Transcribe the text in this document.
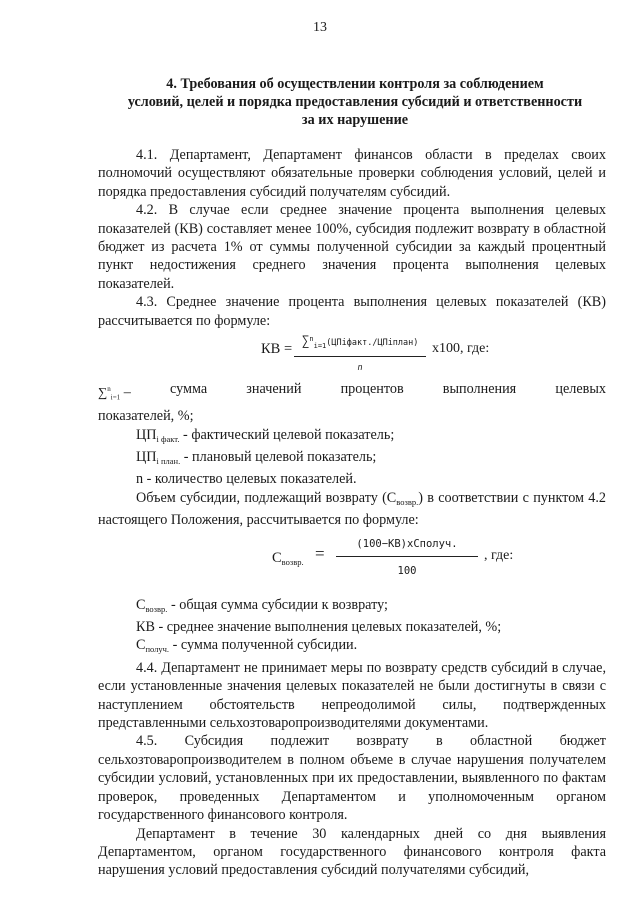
13
4. Требования об осуществлении контроля за соблюдением
условий, целей и порядка предоставления субсидий и ответственности
за их нарушение

4.1. Департамент, Департамент финансов области в пределах своих полномочий осуществляют обязательные проверки соблюдения условий, целей и порядка предоставления субсидий получателям субсидий.

4.2. В случае если среднее значение процента выполнения целевых показателей (КВ) составляет менее 100%, субсидия подлежит возврату в областной бюджет из расчета 1% от суммы полученной субсидии за каждый процентный пункт недостижения среднего значения процента выполнения целевых показателей.

4.3. Среднее значение процента выполнения целевых показателей (КВ) рассчитывается по формуле:

КВ = ∑$^n_{i=1}$(ЦПiфакт./ЦПiплан)
n
x100, где:
∑$^n_{i=1}$ –	сумма	значений	процентов	выполнения	целевых

показателей, %;

$ЦП_{i факт.}$ - фактический целевой показатель;

$ЦП_{i план.}$ - плановый целевой показатель;

n - количество целевых показателей.

Объем субсидии, подлежащий возврату $(С_{возвр.})$ в соответствии с пунктом 4.2 настоящего Положения, рассчитывается по формуле:

$С_{возвр.}$ =	(100−КВ)хСполуч.
100
, где:

$С_{возвр.}$ - общая сумма субсидии к возврату;

КВ - среднее значение выполнения целевых показателей, %;

$С_{получ.}$ - сумма полученной субсидии.

4.4. Департамент не принимает меры по возврату средств субсидий в случае, если установленные значения целевых показателей не были достигнуты в связи с наступлением обстоятельств непреодолимой силы, подтвержденных представленными сельхозтоваропроизводителями документами.

4.5. Субсидия подлежит возврату в областной бюджет сельхозтоваропроизводителем в полном объеме в случае нарушения получателем субсидии условий, установленных при их предоставлении, выявленного по фактам проверок, проведенных Департаментом и уполномоченным органом государственного финансового контроля.

Департамент в течение 30 календарных дней со дня выявления Департаментом, органом государственного финансового контроля факта нарушения условий предоставления субсидий получателями субсидий,
